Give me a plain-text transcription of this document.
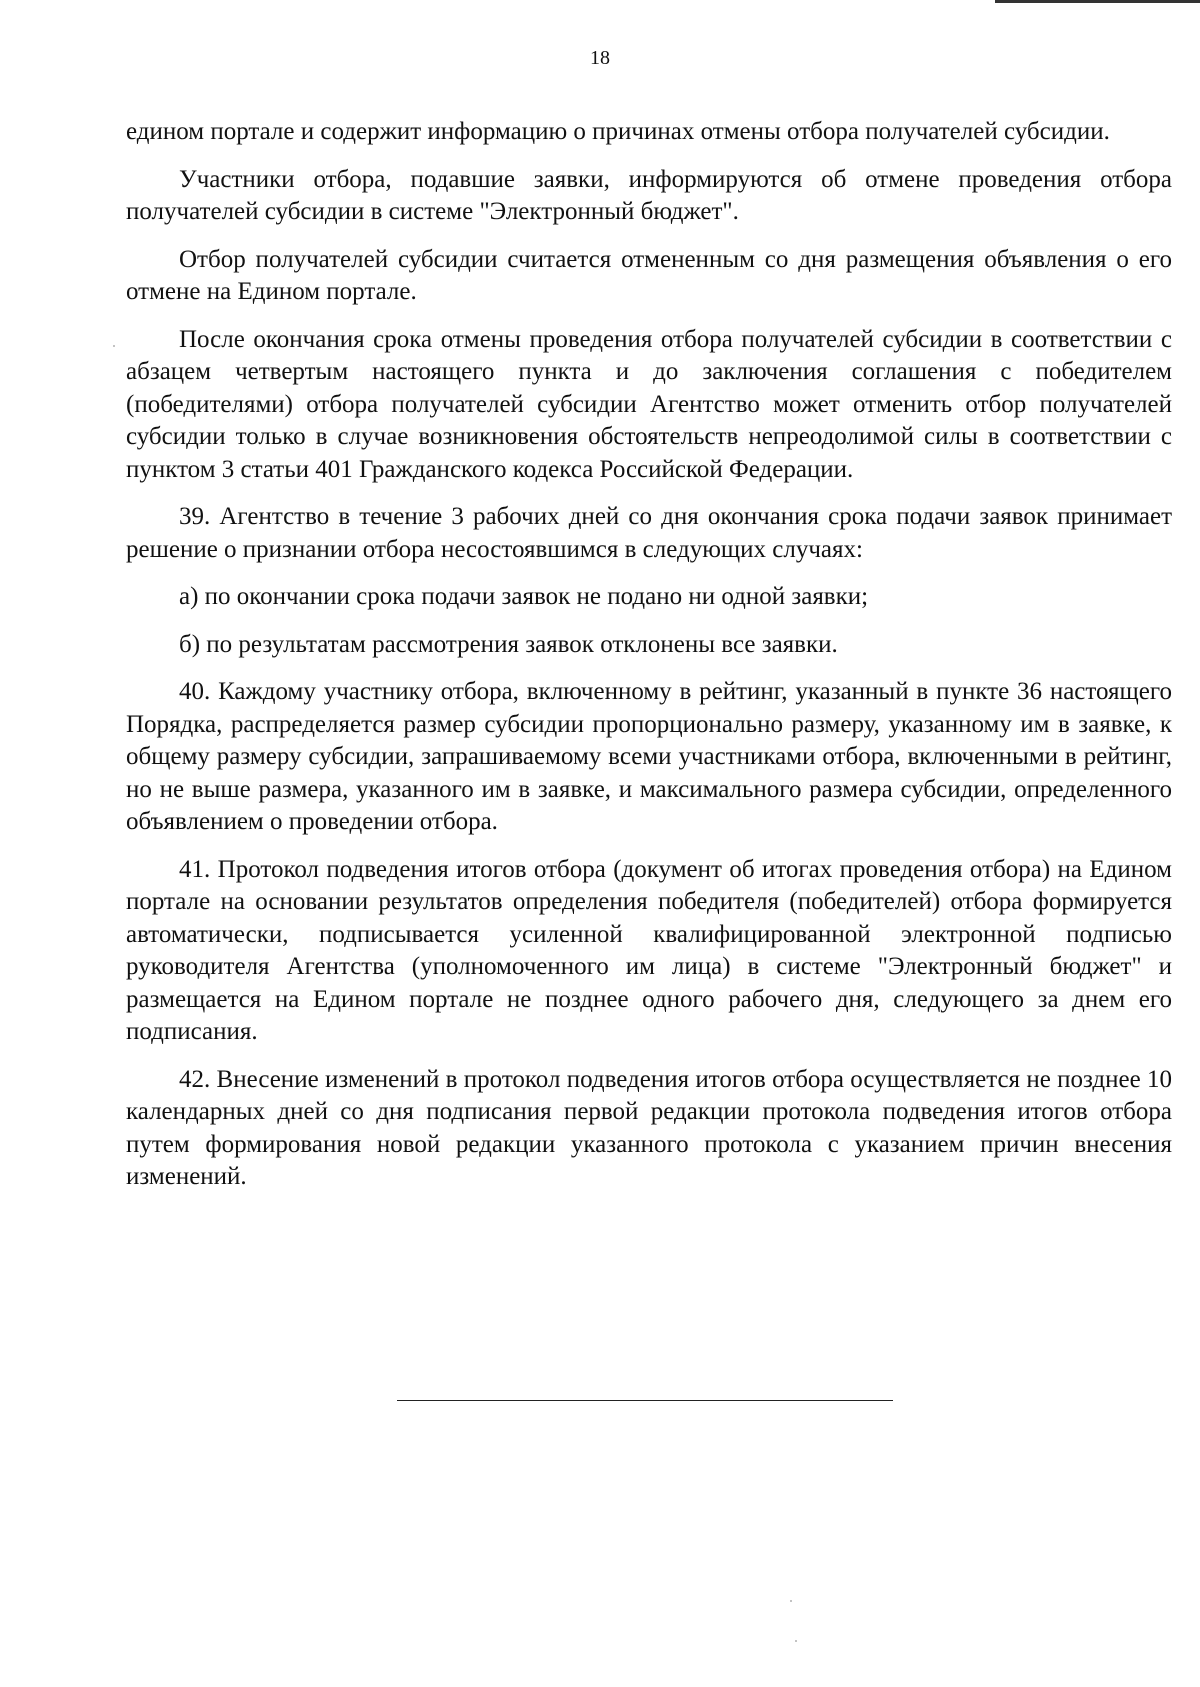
18

едином портале и содержит информацию о причинах отмены отбора получателей субсидии.

Участники отбора, подавшие заявки, информируются об отмене проведения отбора получателей субсидии в системе "Электронный бюджет".

Отбор получателей субсидии считается отмененным со дня размещения объявления о его отмене на Едином портале.

После окончания срока отмены проведения отбора получателей субсидии в соответствии с абзацем четвертым настоящего пункта и до заключения соглашения с победителем (победителями) отбора получателей субсидии Агентство может отменить отбор получателей субсидии только в случае возникновения обстоятельств непреодолимой силы в соответствии с пунктом 3 статьи 401 Гражданского кодекса Российской Федерации.

39. Агентство в течение 3 рабочих дней со дня окончания срока подачи заявок принимает решение о признании отбора несостоявшимся в следующих случаях:

а) по окончании срока подачи заявок не подано ни одной заявки;

б) по результатам рассмотрения заявок отклонены все заявки.

40. Каждому участнику отбора, включенному в рейтинг, указанный в пункте 36 настоящего Порядка, распределяется размер субсидии пропорционально размеру, указанному им в заявке, к общему размеру субсидии, запрашиваемому всеми участниками отбора, включенными в рейтинг, но не выше размера, указанного им в заявке, и максимального размера субсидии, определенного объявлением о проведении отбора.

41. Протокол подведения итогов отбора (документ об итогах проведения отбора) на Едином портале на основании результатов определения победителя (победителей) отбора формируется автоматически, подписывается усиленной квалифицированной электронной подписью руководителя Агентства (уполномоченного им лица) в системе "Электронный бюджет" и размещается на Едином портале не позднее одного рабочего дня, следующего за днем его подписания.

42. Внесение изменений в протокол подведения итогов отбора осуществляется не позднее 10 календарных дней со дня подписания первой редакции протокола подведения итогов отбора путем формирования новой редакции указанного протокола с указанием причин внесения изменений.
